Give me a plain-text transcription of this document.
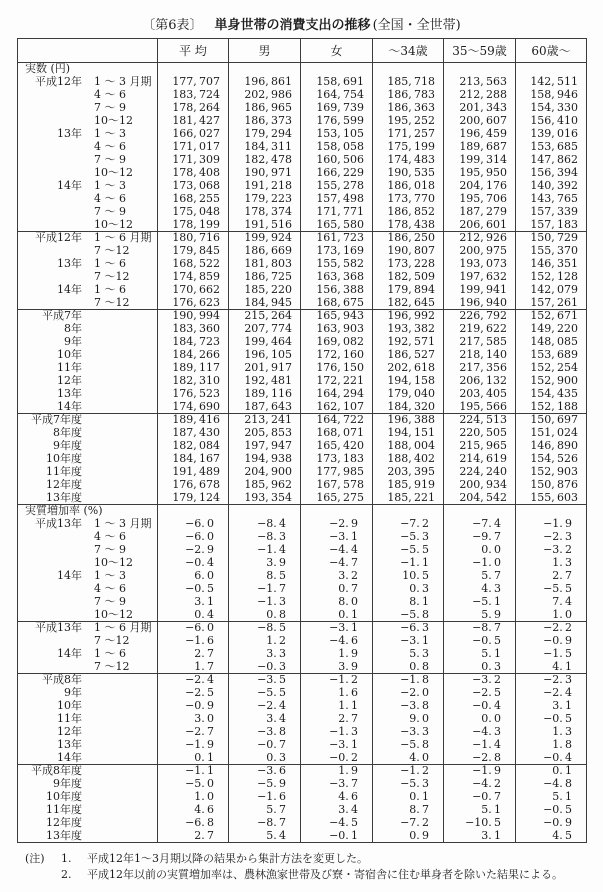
〔第6表〕 単身世帯の消費支出の推移 (全国・全世帯)
	平 均	男	女	〜34歳	35〜59歳	60歳〜
実数 (円)						
平成12年 1 〜 3 月期	177, 707	196, 861	158, 691	185, 718	213, 563	142, 511
4 〜 6	183, 724	202, 986	164, 754	186, 783	212, 288	158, 946
7 〜 9	178, 264	186, 965	169, 739	186, 363	201, 343	154, 330
10〜12	181, 427	186, 373	176, 599	195, 252	200, 607	156, 410
13年 1 〜 3	166, 027	179, 294	153, 105	171, 257	196, 459	139, 016
4 〜 6	171, 017	184, 311	158, 058	175, 199	189, 687	153, 685
7 〜 9	171, 309	182, 478	160, 506	174, 483	199, 314	147, 862
10〜12	178, 408	190, 971	166, 229	190, 535	195, 950	156, 394
14年 1 〜 3	173, 068	191, 218	155, 278	186, 018	204, 176	140, 392
4 〜 6	168, 255	179, 223	157, 498	173, 770	195, 706	143, 765
7 〜 9	175, 048	178, 374	171, 771	186, 852	187, 279	157, 339
10〜12	178, 199	191, 516	165, 580	178, 438	206, 601	157, 183
平成12年 1 〜 6 月期	180, 716	199, 924	161, 723	186, 250	212, 926	150, 729
7 〜12	179, 845	186, 669	173, 169	190, 807	200, 975	155, 370
13年 1 〜 6	168, 522	181, 803	155, 582	173, 228	193, 073	146, 351
7 〜12	174, 859	186, 725	163, 368	182, 509	197, 632	152, 128
14年 1 〜 6	170, 662	185, 220	156, 388	179, 894	199, 941	142, 079
7 〜12	176, 623	184, 945	168, 675	182, 645	196, 940	157, 261
平成7年	190, 994	215, 264	165, 943	196, 992	226, 792	152, 671
8年	183, 360	207, 774	163, 903	193, 382	219, 622	149, 220
9年	184, 723	199, 464	169, 082	192, 571	217, 585	148, 085
10年	184, 266	196, 105	172, 160	186, 527	218, 140	153, 689
11年	189, 117	201, 917	176, 150	202, 618	217, 356	152, 254
12年	182, 310	192, 481	172, 221	194, 158	206, 132	152, 900
13年	176, 523	189, 116	164, 294	179, 040	203, 405	154, 435
14年	174, 690	187, 643	162, 107	184, 320	195, 566	152, 188
平成7年度	189, 416	213, 241	164, 722	196, 388	224, 513	150, 697
8年度	187, 430	205, 853	168, 071	194, 151	220, 505	151, 024
9年度	182, 084	197, 947	165, 420	188, 004	215, 965	146, 890
10年度	184, 167	194, 938	173, 183	188, 402	214, 619	154, 526
11年度	191, 489	204, 900	177, 985	203, 395	224, 240	152, 903
12年度	176, 678	185, 962	167, 578	185, 919	200, 934	150, 876
13年度	179, 124	193, 354	165, 275	185, 221	204, 542	155, 603
実質増加率 (%)						
平成13年 1 〜 3 月期	−6. 0	−8. 4	−2. 9	−7. 2	−7. 4	−1. 9
4 〜 6	−6. 0	−8. 3	−3. 1	−5. 3	−9. 7	−2. 3
7 〜 9	−2. 9	−1. 4	−4. 4	−5. 5	0. 0	−3. 2
10〜12	−0. 4	3. 9	−4. 7	−1. 1	−1. 0	1. 3
14年 1 〜 3	6. 0	8. 5	3. 2	10. 5	5. 7	2. 7
4 〜 6	−0. 5	−1. 7	0. 7	0. 3	4. 3	−5. 5
7 〜 9	3. 1	−1. 3	8. 0	8. 1	−5. 1	7. 4
10〜12	0. 4	0. 8	0. 1	−5. 8	5. 9	1. 0
平成13年 1 〜 6 月期	−6. 0	−8. 5	−3. 1	−6. 3	−8. 7	−2. 2
7 〜12	−1. 6	1. 2	−4. 6	−3. 1	−0. 5	−0. 9
14年 1 〜 6	2. 7	3. 3	1. 9	5. 3	5. 1	−1. 5
7 〜12	1. 7	−0. 3	3. 9	0. 8	0. 3	4. 1
平成8年	−2. 4	−3. 5	−1. 2	−1. 8	−3. 2	−2. 3
9年	−2. 5	−5. 5	1. 6	−2. 0	−2. 5	−2. 4
10年	−0. 9	−2. 4	1. 1	−3. 8	−0. 4	3. 1
11年	3. 0	3. 4	2. 7	9. 0	0. 0	−0. 5
12年	−2. 7	−3. 8	−1. 3	−3. 3	−4. 3	1. 3
13年	−1. 9	−0. 7	−3. 1	−5. 8	−1. 4	1. 8
14年	0. 1	0. 3	−0. 2	4. 0	−2. 8	−0. 4
平成8年度	−1. 1	−3. 6	1. 9	−1. 2	−1. 9	0. 1
9年度	−5. 0	−5. 9	−3. 7	−5. 3	−4. 2	−4. 8
10年度	1. 0	−1. 6	4. 6	0. 1	−0. 7	5. 1
11年度	4. 6	5. 7	3. 4	8. 7	5. 1	−0. 5
12年度	−6. 8	−8. 7	−4. 5	−7. 2	−10. 5	−0. 9
13年度	2. 7	5. 4	−0. 1	0. 9	3. 1	4. 5
(注)	1.	平成12年1〜3月期以降の結果から集計方法を変更した。
2.	平成12年以前の実質増加率は、農林漁家世帯及び寮・寄宿舎に住む単身者を除いた結果による。
